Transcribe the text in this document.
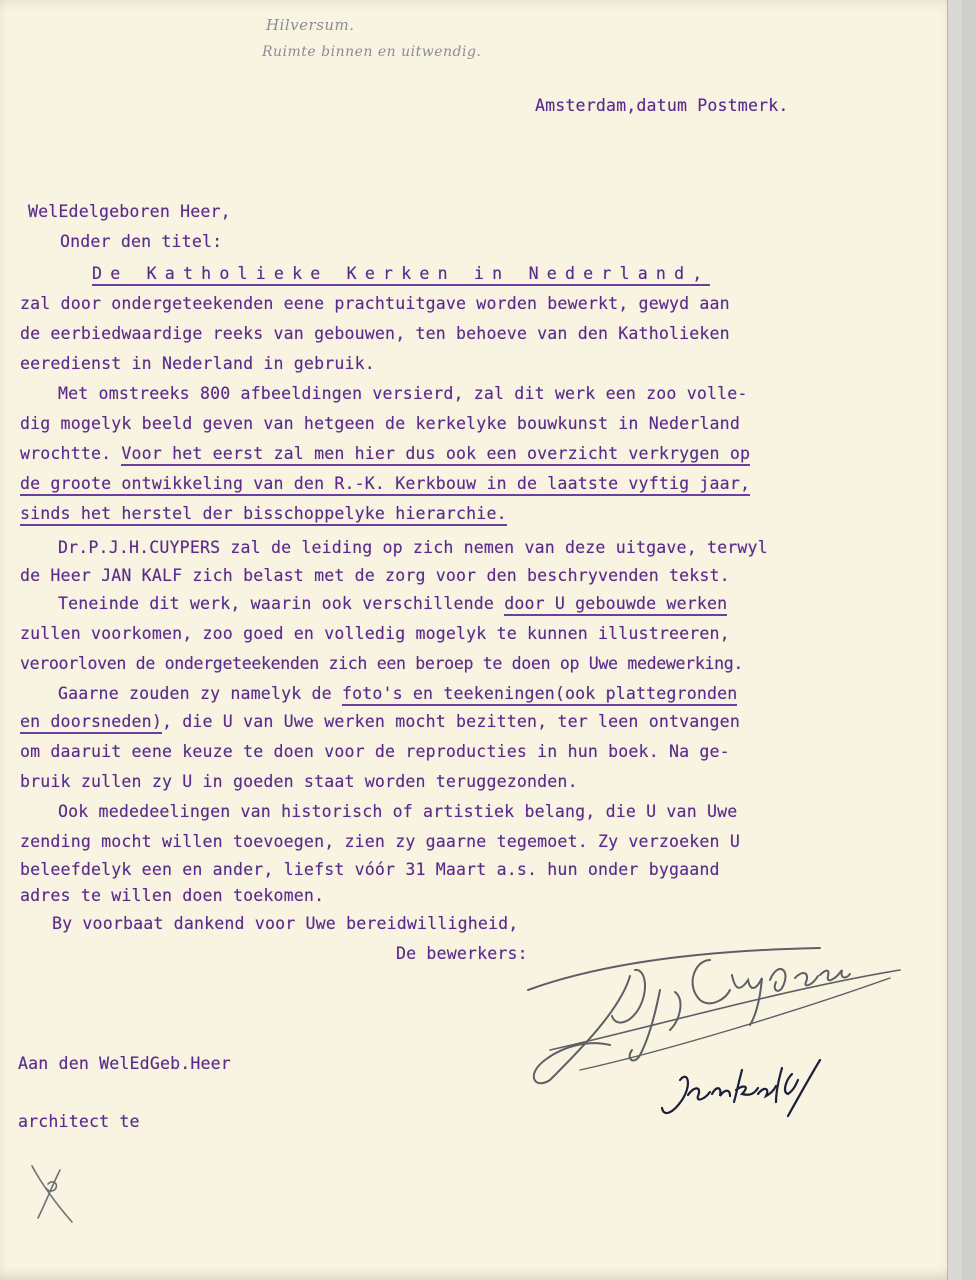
Hilversum.
Ruimte binnen en uitwendig.
Amsterdam,datum Postmerk.
WelEdelgeboren Heer,
Onder den titel:
De Katholieke Kerken in Nederland,
zal door ondergeteekenden eene prachtuitgave worden bewerkt, gewyd aan
de eerbiedwaardige reeks van gebouwen, ten behoeve van den Katholieken
eeredienst in Nederland in gebruik.
Met omstreeks 800 afbeeldingen versierd, zal dit werk een zoo volle-
dig mogelyk beeld geven van hetgeen de kerkelyke bouwkunst in Nederland
wrochtte. Voor het eerst zal men hier dus ook een overzicht verkrygen op
de groote ontwikkeling van den R.-K. Kerkbouw in de laatste vyftig jaar,
sinds het herstel der bisschoppelyke hierarchie.
Dr.P.J.H.CUYPERS zal de leiding op zich nemen van deze uitgave, terwyl
de Heer JAN KALF zich belast met de zorg voor den beschryvenden tekst.
Teneinde dit werk, waarin ook verschillende door U gebouwde werken
zullen voorkomen, zoo goed en volledig mogelyk te kunnen illustreeren,
veroorloven de ondergeteekenden zich een beroep te doen op Uwe medewerking.
Gaarne zouden zy namelyk de foto's en teekeningen(ook plattegronden
en doorsneden), die U van Uwe werken mocht bezitten, ter leen ontvangen
om daaruit eene keuze te doen voor de reproducties in hun boek. Na ge-
bruik zullen zy U in goeden staat worden teruggezonden.
Ook mededeelingen van historisch of artistiek belang, die U van Uwe
zending mocht willen toevoegen, zien zy gaarne tegemoet. Zy verzoeken U
beleefdelyk een en ander, liefst vóór 31 Maart a.s. hun onder bygaand
adres te willen doen toekomen.
By voorbaat dankend voor Uwe bereidwilligheid,
De bewerkers:
Aan den WelEdGeb.Heer
architect te
